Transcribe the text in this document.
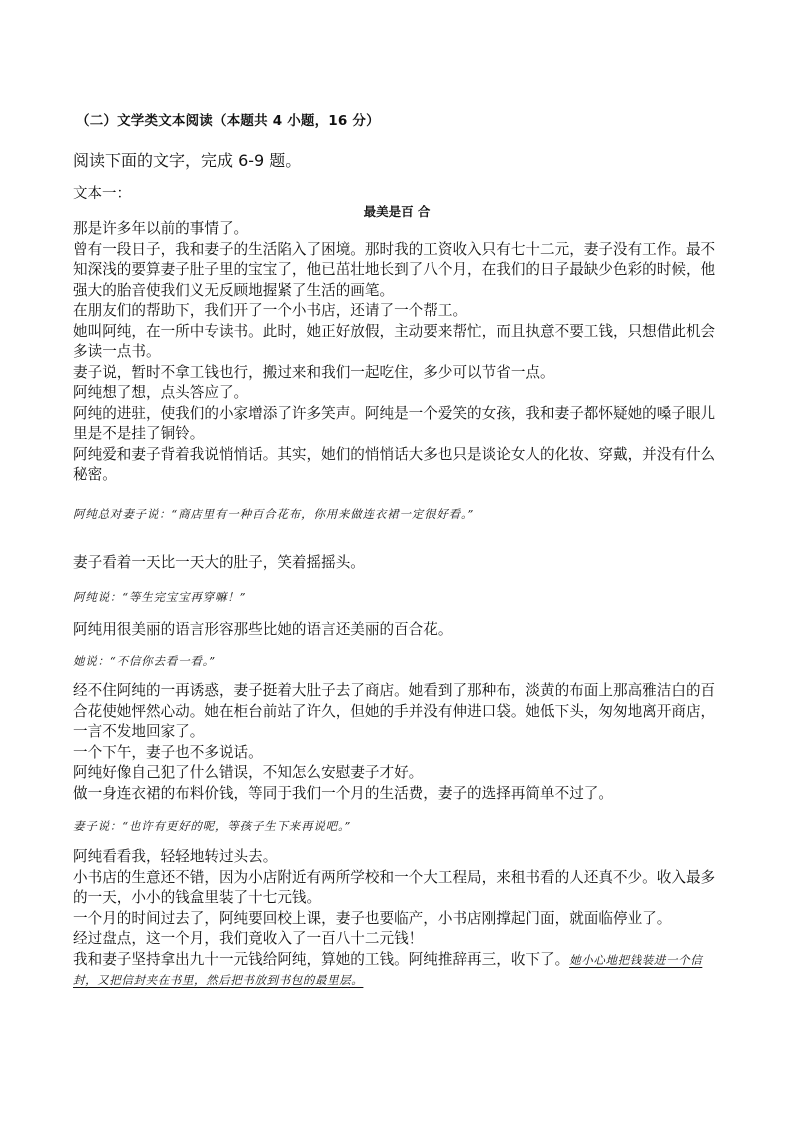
（二）文学类文本阅读（本题共 4 小题，16 分）
阅读下面的文字，完成 6-9 题。
文本一：
最美是百 合

那是许多年以前的事情了。

曾有一段日子，我和妻子的生活陷入了困境。那时我的工资收入只有七十二元，妻子没有工作。最不知深浅的要算妻子肚子里的宝宝了，他已茁壮地长到了八个月，在我们的日子最缺少色彩的时候，他强大的胎音使我们义无反顾地握紧了生活的画笔。

在朋友们的帮助下，我们开了一个小书店，还请了一个帮工。

她叫阿纯，在一所中专读书。此时，她正好放假，主动要来帮忙，而且执意不要工钱，只想借此机会多读一点书。

妻子说，暂时不拿工钱也行，搬过来和我们一起吃住，多少可以节省一点。

阿纯想了想，点头答应了。

阿纯的进驻，使我们的小家增添了许多笑声。阿纯是一个爱笑的女孩，我和妻子都怀疑她的嗓子眼儿里是不是挂了铜铃。

阿纯爱和妻子背着我说悄悄话。其实，她们的悄悄话大多也只是谈论女人的化妆、穿戴，并没有什么秘密。

阿纯总对妻子说：“商店里有一种百合花布，你用来做连衣裙一定很好看。”
妻子看着一天比一天大的肚子，笑着摇摇头。
阿纯说：“等生完宝宝再穿嘛！”
阿纯用很美丽的语言形容那些比她的语言还美丽的百合花。
她说：“不信你去看一看。”

经不住阿纯的一再诱惑，妻子挺着大肚子去了商店。她看到了那种布，淡黄的布面上那高雅洁白的百合花使她怦然心动。她在柜台前站了许久，但她的手并没有伸进口袋。她低下头，匆匆地离开商店，一言不发地回家了。

一个下午，妻子也不多说话。

阿纯好像自己犯了什么错误，不知怎么安慰妻子才好。

做一身连衣裙的布料价钱，等同于我们一个月的生活费，妻子的选择再简单不过了。

妻子说：“也许有更好的呢，等孩子生下来再说吧。”

阿纯看看我，轻轻地转过头去。

小书店的生意还不错，因为小店附近有两所学校和一个大工程局，来租书看的人还真不少。收入最多的一天，小小的钱盒里装了十七元钱。

一个月的时间过去了，阿纯要回校上课，妻子也要临产，小书店刚撑起门面，就面临停业了。

经过盘点，这一个月，我们竟收入了一百八十二元钱！

我和妻子坚持拿出九十一元钱给阿纯，算她的工钱。阿纯推辞再三，收下了。她小心地把钱装进一个信封，又把信封夹在书里，然后把书放到书包的最里层。
